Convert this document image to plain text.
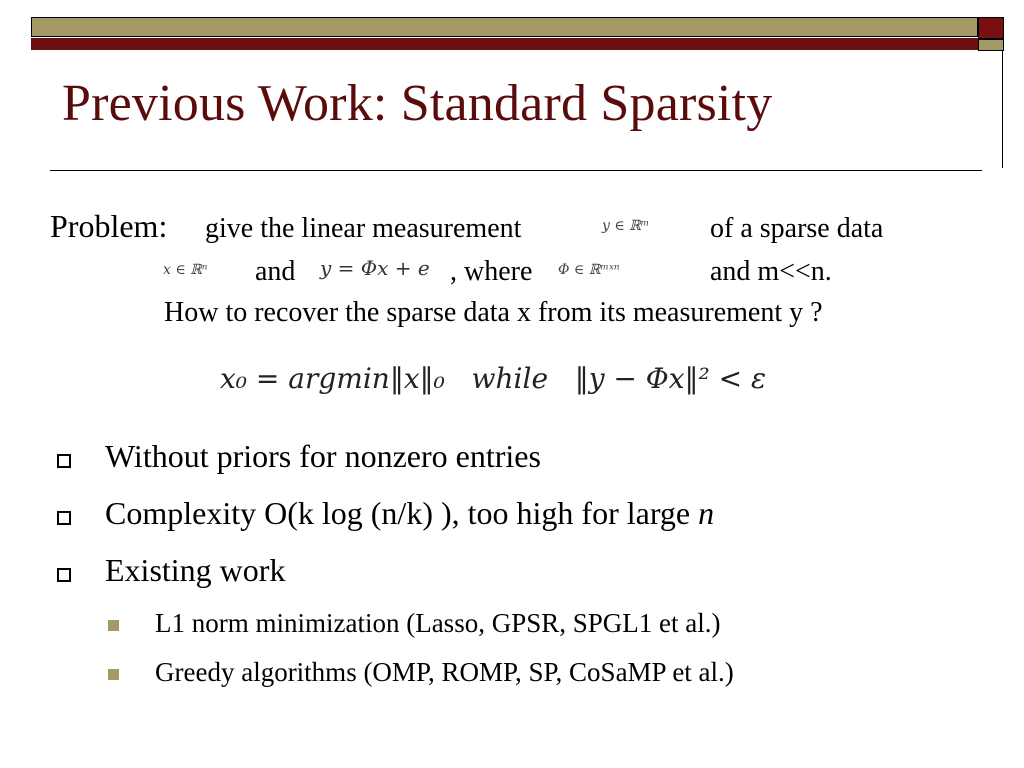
Previous Work: Standard Sparsity
Problem: give the linear measurement	y ∈ ℝᵐ of a sparse data
x ∈ ℝⁿ and y = Φx + e , where Φ ∈ ℝᵐˣⁿ	and m<<n.
How to recover the sparse data x from its measurement y ?
x₀ = argmin‖x‖₀   while   ‖y − Φx‖² < ε
Without priors for nonzero entries
Complexity O(k log (n/k) ), too high for large n
Existing work
L1 norm minimization (Lasso, GPSR, SPGL1 et al.)
Greedy algorithms (OMP, ROMP, SP, CoSaMP et al.)
